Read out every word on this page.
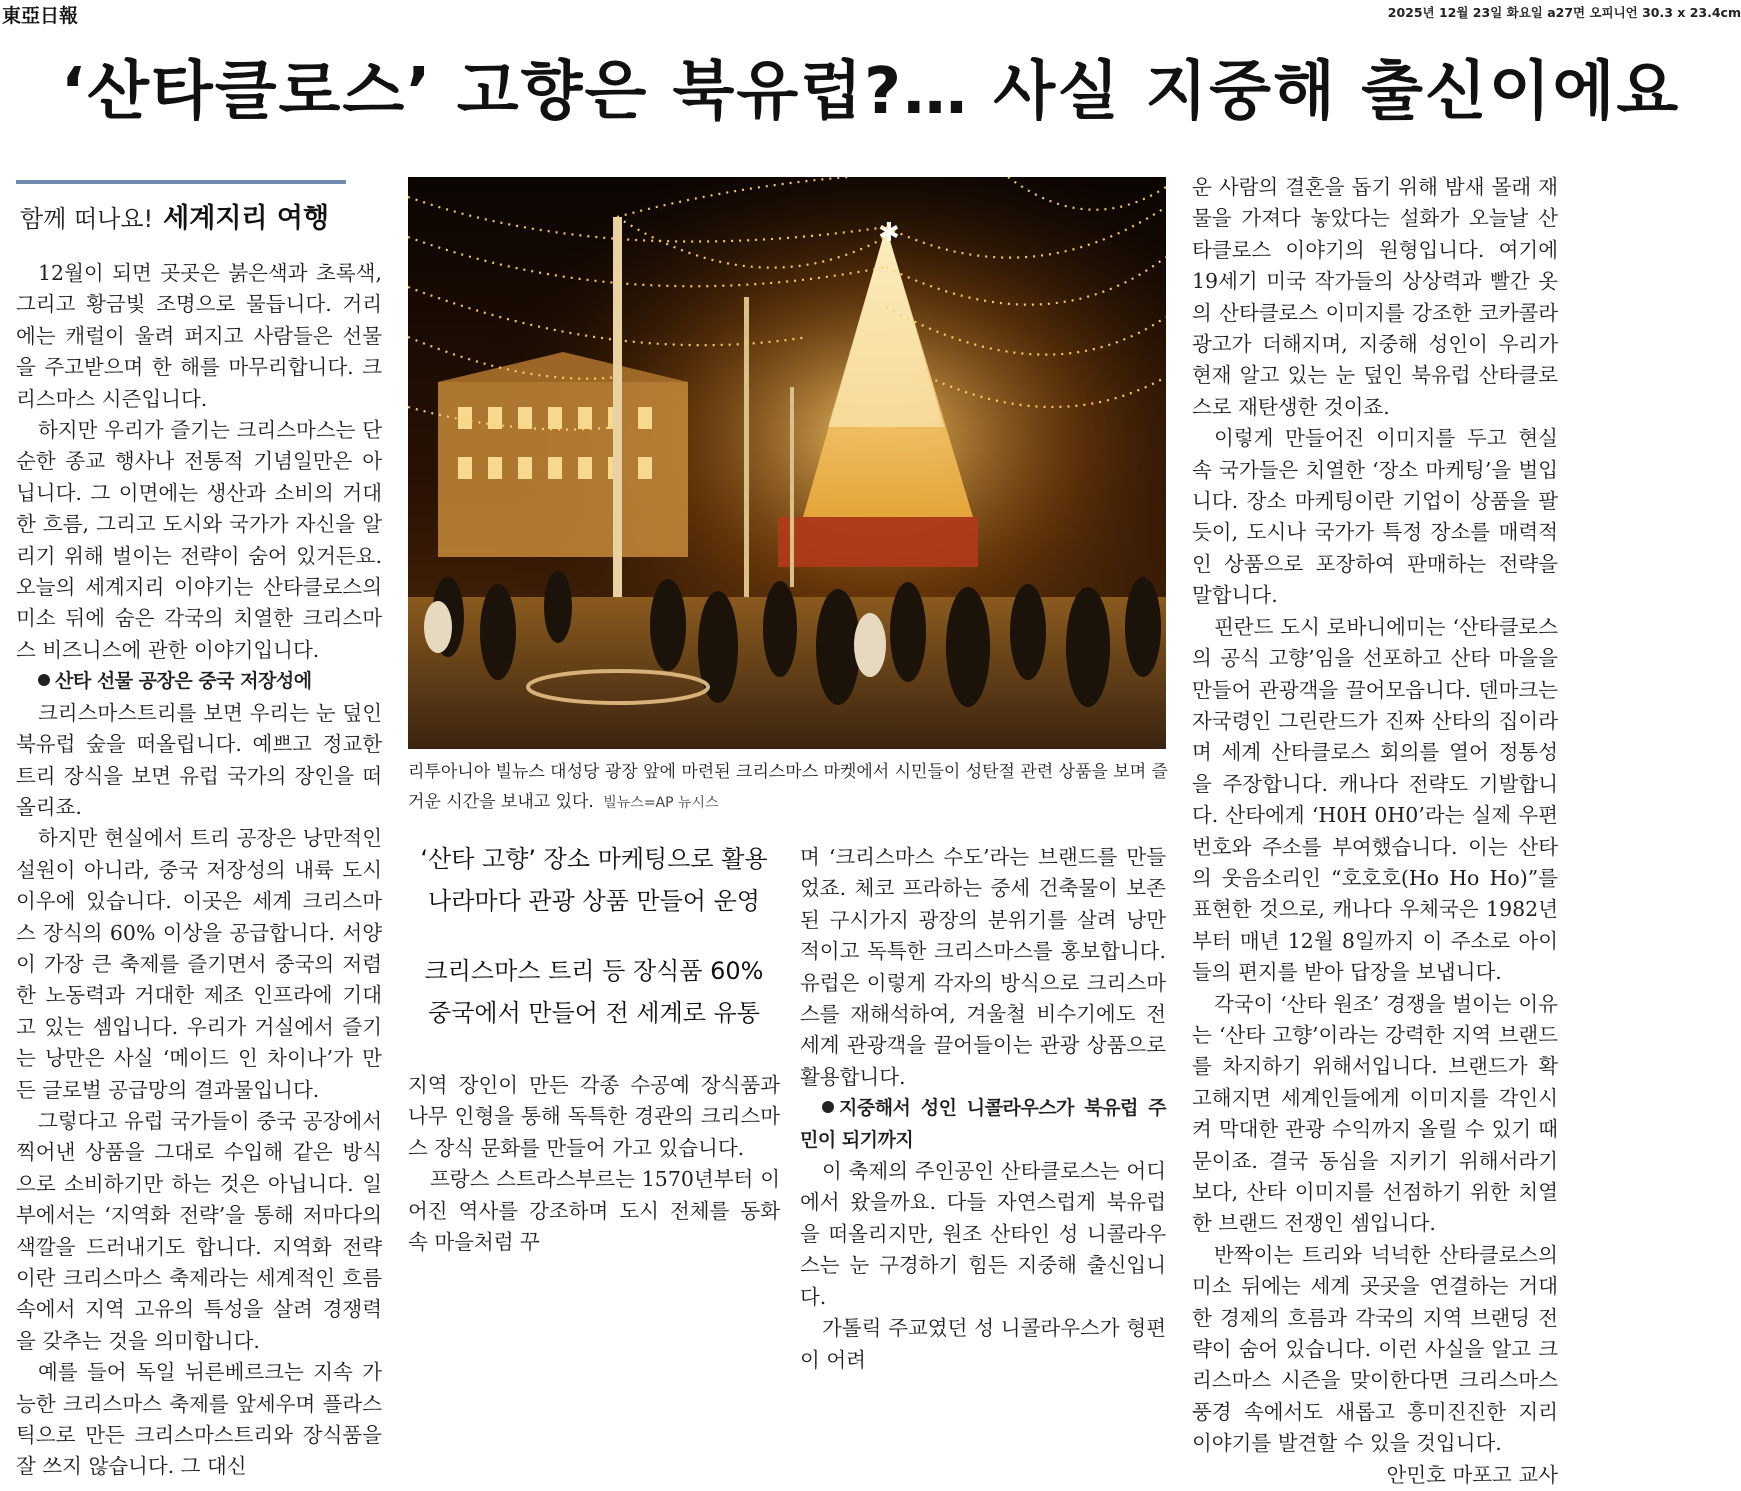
東亞日報	2025년 12월 23일 화요일 a27면 오피니언 30.3 x 23.4cm
‘산타클로스’ 고향은 북유럽?… 사실 지중해 출신이에요
함께 떠나요! 세계지리 여행

12월이 되면 곳곳은 붉은색과 초록색, 그리고 황금빛 조명으로 물듭니다. 거리에는 캐럴이 울려 퍼지고 사람들은 선물을 주고받으며 한 해를 마무리합니다. 크리스마스 시즌입니다.

하지만 우리가 즐기는 크리스마스는 단순한 종교 행사나 전통적 기념일만은 아닙니다. 그 이면에는 생산과 소비의 거대한 흐름, 그리고 도시와 국가가 자신을 알리기 위해 벌이는 전략이 숨어 있거든요. 오늘의 세계지리 이야기는 산타클로스의 미소 뒤에 숨은 각국의 치열한 크리스마스 비즈니스에 관한 이야기입니다.

산타 선물 공장은 중국 저장성에

크리스마스트리를 보면 우리는 눈 덮인 북유럽 숲을 떠올립니다. 예쁘고 정교한 트리 장식을 보면 유럽 국가의 장인을 떠올리죠.

하지만 현실에서 트리 공장은 낭만적인 설원이 아니라, 중국 저장성의 내륙 도시 이우에 있습니다. 이곳은 세계 크리스마스 장식의 60% 이상을 공급합니다. 서양이 가장 큰 축제를 즐기면서 중국의 저렴한 노동력과 거대한 제조 인프라에 기대고 있는 셈입니다. 우리가 거실에서 즐기는 낭만은 사실 ‘메이드 인 차이나’가 만든 글로벌 공급망의 결과물입니다.

그렇다고 유럽 국가들이 중국 공장에서 찍어낸 상품을 그대로 수입해 같은 방식으로 소비하기만 하는 것은 아닙니다. 일부에서는 ‘지역화 전략’을 통해 저마다의 색깔을 드러내기도 합니다. 지역화 전략이란 크리스마스 축제라는 세계적인 흐름 속에서 지역 고유의 특성을 살려 경쟁력을 갖추는 것을 의미합니다.

예를 들어 독일 뉘른베르크는 지속 가능한 크리스마스 축제를 앞세우며 플라스틱으로 만든 크리스마스트리와 장식품을 잘 쓰지 않습니다. 그 대신

✱
리투아니아 빌뉴스 대성당 광장 앞에 마련된 크리스마스 마켓에서 시민들이 성탄절 관련 상품을 보며 즐거운 시간을 보내고 있다. 빌뉴스=AP 뉴시스

‘산타 고향’ 장소 마케팅으로 활용

나라마다 관광 상품 만들어 운영

크리스마스 트리 등 장식품 60%

중국에서 만들어 전 세계로 유통

지역 장인이 만든 각종 수공예 장식품과 나무 인형을 통해 독특한 경관의 크리스마스 장식 문화를 만들어 가고 있습니다.

프랑스 스트라스부르는 1570년부터 이어진 역사를 강조하며 도시 전체를 동화 속 마을처럼 꾸

며 ‘크리스마스 수도’라는 브랜드를 만들었죠. 체코 프라하는 중세 건축물이 보존된 구시가지 광장의 분위기를 살려 낭만적이고 독특한 크리스마스를 홍보합니다. 유럽은 이렇게 각자의 방식으로 크리스마스를 재해석하여, 겨울철 비수기에도 전 세계 관광객을 끌어들이는 관광 상품으로 활용합니다.

지중해서 성인 니콜라우스가 북유럽 주민이 되기까지

이 축제의 주인공인 산타클로스는 어디에서 왔을까요. 다들 자연스럽게 북유럽을 떠올리지만, 원조 산타인 성 니콜라우스는 눈 구경하기 힘든 지중해 출신입니다.

가톨릭 주교였던 성 니콜라우스가 형편이 어려

운 사람의 결혼을 돕기 위해 밤새 몰래 재물을 가져다 놓았다는 설화가 오늘날 산타클로스 이야기의 원형입니다. 여기에 19세기 미국 작가들의 상상력과 빨간 옷의 산타클로스 이미지를 강조한 코카콜라 광고가 더해지며, 지중해 성인이 우리가 현재 알고 있는 눈 덮인 북유럽 산타클로스로 재탄생한 것이죠.

이렇게 만들어진 이미지를 두고 현실 속 국가들은 치열한 ‘장소 마케팅’을 벌입니다. 장소 마케팅이란 기업이 상품을 팔듯이, 도시나 국가가 특정 장소를 매력적인 상품으로 포장하여 판매하는 전략을 말합니다.

핀란드 도시 로바니에미는 ‘산타클로스의 공식 고향’임을 선포하고 산타 마을을 만들어 관광객을 끌어모읍니다. 덴마크는 자국령인 그린란드가 진짜 산타의 집이라며 세계 산타클로스 회의를 열어 정통성을 주장합니다. 캐나다 전략도 기발합니다. 산타에게 ‘H0H 0H0’라는 실제 우편번호와 주소를 부여했습니다. 이는 산타의 웃음소리인 “호호호(Ho Ho Ho)”를 표현한 것으로, 캐나다 우체국은 1982년부터 매년 12월 8일까지 이 주소로 아이들의 편지를 받아 답장을 보냅니다.

각국이 ‘산타 원조’ 경쟁을 벌이는 이유는 ‘산타 고향’이라는 강력한 지역 브랜드를 차지하기 위해서입니다. 브랜드가 확고해지면 세계인들에게 이미지를 각인시켜 막대한 관광 수익까지 올릴 수 있기 때문이죠. 결국 동심을 지키기 위해서라기보다, 산타 이미지를 선점하기 위한 치열한 브랜드 전쟁인 셈입니다.

반짝이는 트리와 넉넉한 산타클로스의 미소 뒤에는 세계 곳곳을 연결하는 거대한 경제의 흐름과 각국의 지역 브랜딩 전략이 숨어 있습니다. 이런 사실을 알고 크리스마스 시즌을 맞이한다면 크리스마스 풍경 속에서도 새롭고 흥미진진한 지리 이야기를 발견할 수 있을 것입니다.

안민호 마포고 교사
